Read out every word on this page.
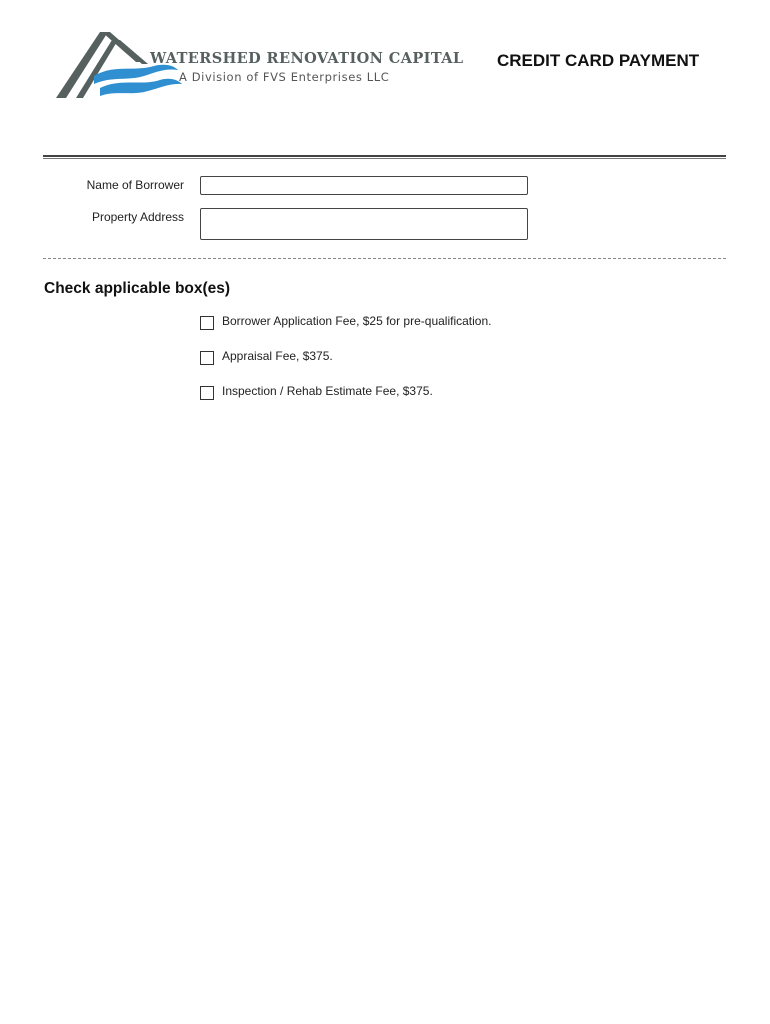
WATERSHED RENOVATION CAPITAL
A Division of FVS Enterprises LLC
CREDIT CARD PAYMENT
Name of Borrower
Property Address
Check applicable box(es)
Borrower Application Fee, $25 for pre-qualification.
Appraisal Fee, $375.
Inspection / Rehab Estimate Fee, $375.
